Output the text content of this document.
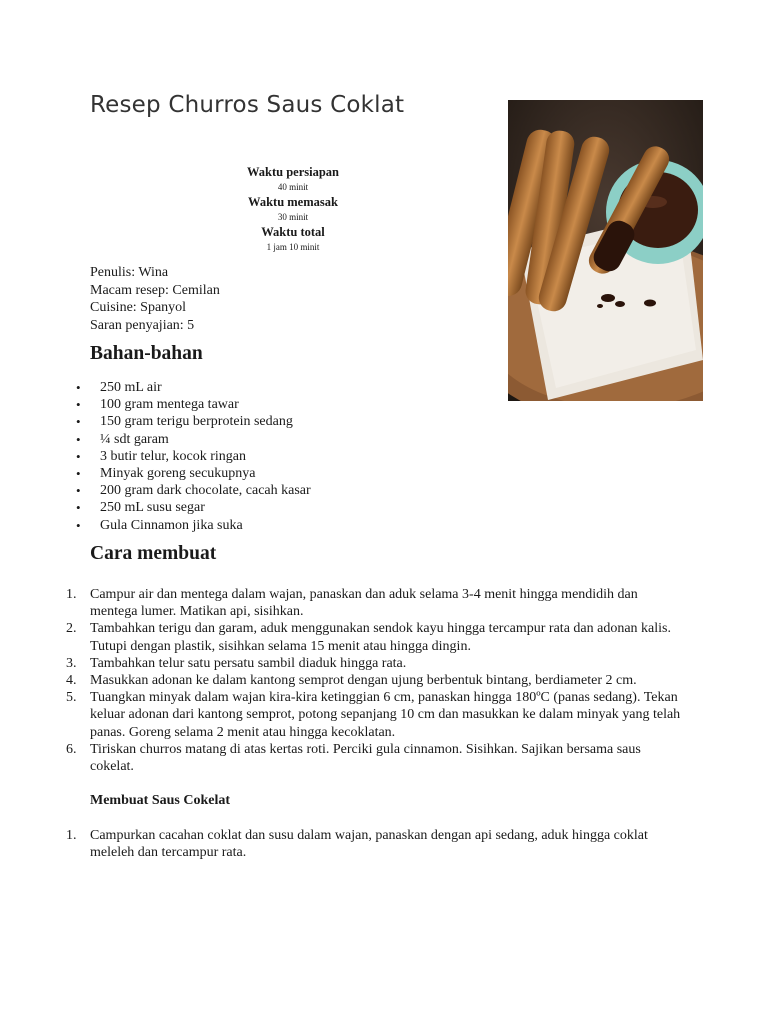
Resep Churros Saus Coklat
Waktu persiapan
40 minit
Waktu memasak
30 minit
Waktu total
1 jam 10 minit
Penulis: Wina
Macam resep: Cemilan
Cuisine: Spanyol
Saran penyajian: 5
Bahan-bahan
• 250 mL air
• 100 gram mentega tawar
• 150 gram terigu berprotein sedang
• ¼ sdt garam
• 3 butir telur, kocok ringan
• Minyak goreng secukupnya
• 200 gram dark chocolate, cacah kasar
• 250 mL susu segar
• Gula Cinnamon jika suka
Cara membuat
1. Campur air dan mentega dalam wajan, panaskan dan aduk selama 3-4 menit hingga mendidih dan mentega lumer. Matikan api, sisihkan.
2. Tambahkan terigu dan garam, aduk menggunakan sendok kayu hingga tercampur rata dan adonan kalis. Tutupi dengan plastik, sisihkan selama 15 menit atau hingga dingin.
3. Tambahkan telur satu persatu sambil diaduk hingga rata.
4. Masukkan adonan ke dalam kantong semprot dengan ujung berbentuk bintang, berdiameter 2 cm.
5. Tuangkan minyak dalam wajan kira-kira ketinggian 6 cm, panaskan hingga 180ºC (panas sedang). Tekan keluar adonan dari kantong semprot, potong sepanjang 10 cm dan masukkan ke dalam minyak yang telah panas. Goreng selama 2 menit atau hingga kecoklatan.
6. Tiriskan churros matang di atas kertas roti. Perciki gula cinnamon. Sisihkan. Sajikan bersama saus cokelat.
Membuat Saus Cokelat
1. Campurkan cacahan coklat dan susu dalam wajan, panaskan dengan api sedang, aduk hingga coklat meleleh dan tercampur rata.
